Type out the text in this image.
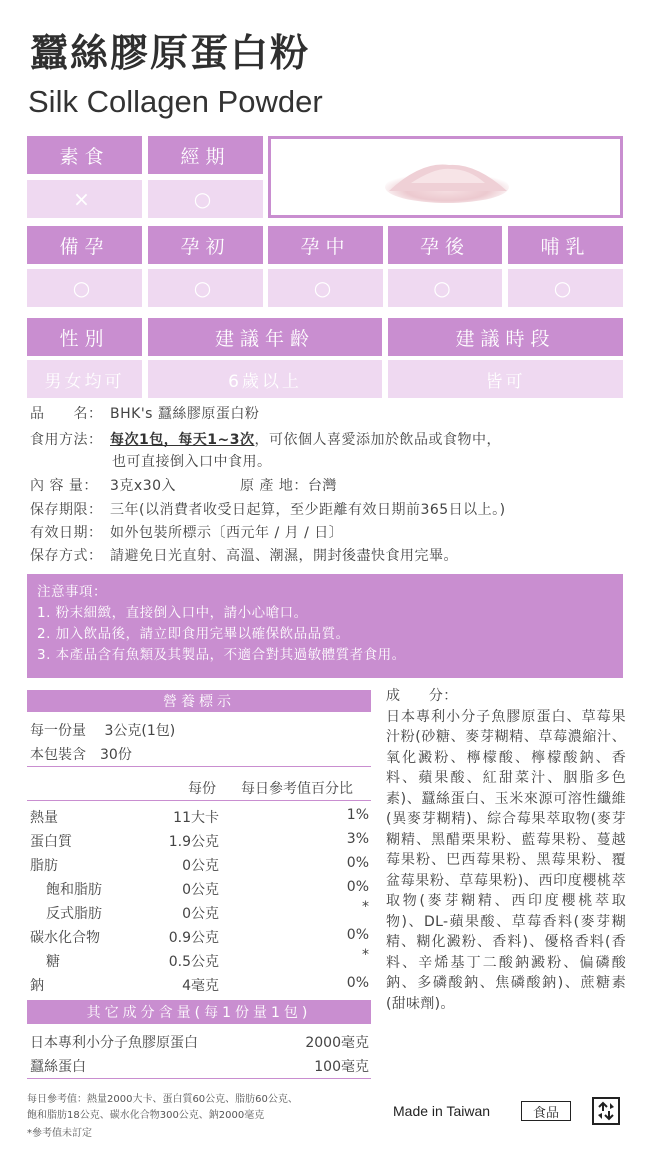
蠶絲膠原蛋白粉
Silk Collagen Powder
素食	經期
×	○
備孕	孕初	孕中	孕後	哺乳
○	○	○	○	○
性別	建議年齡	建議時段
男女均可	6歲以上	皆可
品　　名： BHK's 蠶絲膠原蛋白粉
食用方法： 每次1包，每天1~3次，可依個人喜愛添加於飲品或食物中，
也可直接倒入口中食用。
內 容 量： 3克x30入	原 產 地：台灣
保存期限： 三年(以消費者收受日起算，至少距離有效日期前365日以上。)
有效日期： 如外包裝所標示〔西元年 / 月 / 日〕
保存方式： 請避免日光直射、高溫、潮濕，開封後盡快食用完畢。
注意事項：
1. 粉末細緻，直接倒入口中，請小心嗆口。
2. 加入飲品後，請立即食用完畢以確保飲品品質。
3. 本產品含有魚類及其製品，不適合對其過敏體質者食用。
營養標示
每一份量　 3公克(1包)
本包裝含　30份
每份 每日參考值百分比
熱量	11大卡	1%
蛋白質	1.9公克	3%
脂肪	0公克	0%
飽和脂肪	0公克	0%
反式脂肪	0公克	*
碳水化合物	0.9公克	0%
糖	0.5公克	*
鈉	4毫克	0%
其它成分含量(每1份量1包)
日本專利小分子魚膠原蛋白	2000毫克
蠶絲蛋白	100毫克
成　　分：
日本專利小分子魚膠原蛋白、草莓果汁粉(砂糖、麥芽糊精、草莓濃縮汁、氧化澱粉、檸檬酸、檸檬酸鈉、香料、蘋果酸、紅甜菜汁、胭脂多色素)、蠶絲蛋白、玉米來源可溶性纖維(異麥芽糊精)、綜合莓果萃取物(麥芽糊精、黑醋栗果粉、藍莓果粉、蔓越莓果粉、巴西莓果粉、黑莓果粉、覆盆莓果粉、草莓果粉)、西印度櫻桃萃取物(麥芽糊精、西印度櫻桃萃取物)、DL-蘋果酸、草莓香料(麥芽糊精、糊化澱粉、香料)、優格香料(香料、辛烯基丁二酸鈉澱粉、偏磷酸鈉、多磷酸鈉、焦磷酸鈉)、蔗糖素(甜味劑)。
每日參考值：熱量2000大卡、蛋白質60公克、脂肪60公克、
飽和脂肪18公克、碳水化合物300公克、鈉2000毫克
*參考值未訂定
Made in Taiwan	食品
